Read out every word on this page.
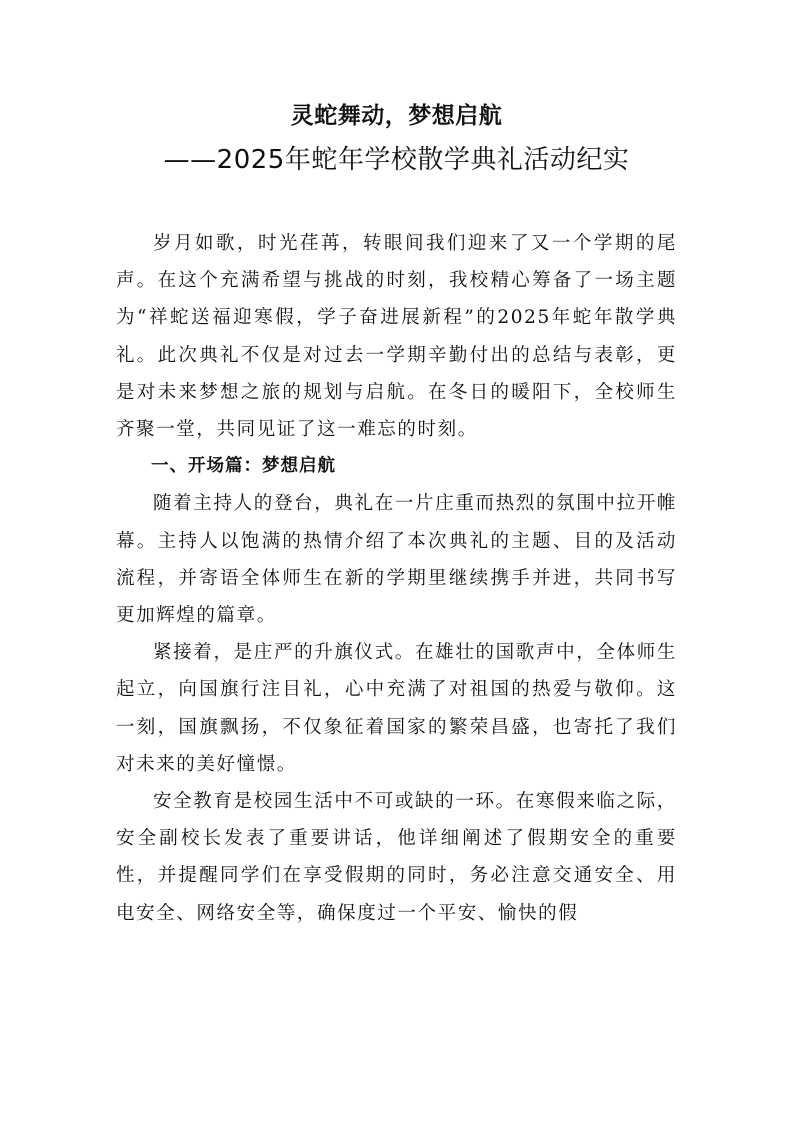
灵蛇舞动，梦想启航
——2025年蛇年学校散学典礼活动纪实

岁月如歌，时光荏苒，转眼间我们迎来了又一个学期的尾声。在这个充满希望与挑战的时刻，我校精心筹备了一场主题为“祥蛇送福迎寒假，学子奋进展新程”的2025年蛇年散学典礼。此次典礼不仅是对过去一学期辛勤付出的总结与表彰，更是对未来梦想之旅的规划与启航。在冬日的暖阳下，全校师生齐聚一堂，共同见证了这一难忘的时刻。

一、开场篇：梦想启航

随着主持人的登台，典礼在一片庄重而热烈的氛围中拉开帷幕。主持人以饱满的热情介绍了本次典礼的主题、目的及活动流程，并寄语全体师生在新的学期里继续携手并进，共同书写更加辉煌的篇章。

紧接着，是庄严的升旗仪式。在雄壮的国歌声中，全体师生起立，向国旗行注目礼，心中充满了对祖国的热爱与敬仰。这一刻，国旗飘扬，不仅象征着国家的繁荣昌盛，也寄托了我们对未来的美好憧憬。

安全教育是校园生活中不可或缺的一环。在寒假来临之际，安全副校长发表了重要讲话，他详细阐述了假期安全的重要性，并提醒同学们在享受假期的同时，务必注意交通安全、用电安全、网络安全等，确保度过一个平安、愉快的假
